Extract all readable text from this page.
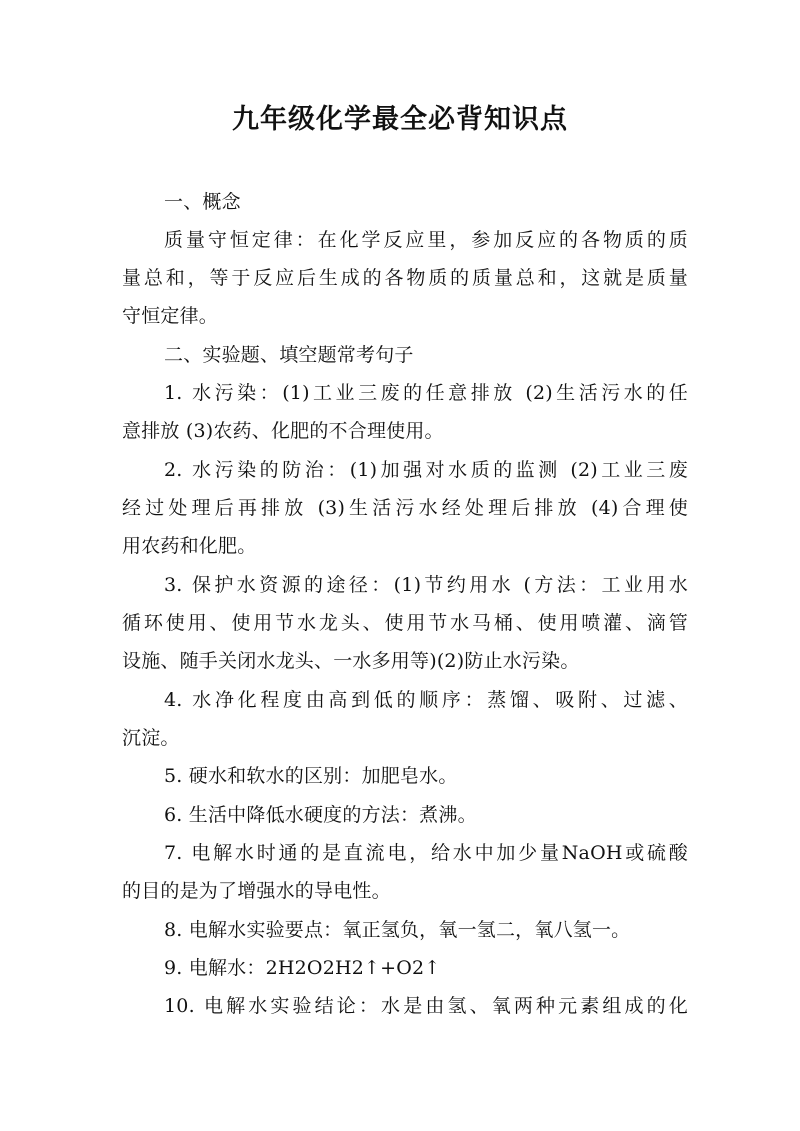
九年级化学最全必背知识点
一、概念
质量守恒定律：在化学反应里，参加反应的各物质的质
量总和，等于反应后生成的各物质的质量总和，这就是质量
守恒定律。
二、实验题、填空题常考句子
1. 水污染：(1)工业三废的任意排放 (2)生活污水的任
意排放 (3)农药、化肥的不合理使用。
2. 水污染的防治：(1)加强对水质的监测 (2)工业三废
经过处理后再排放 (3)生活污水经处理后排放 (4)合理使
用农药和化肥。
3. 保护水资源的途径：(1)节约用水 (方法：工业用水
循环使用、使用节水龙头、使用节水马桶、使用喷灌、滴管
设施、随手关闭水龙头、一水多用等)(2)防止水污染。
4. 水净化程度由高到低的顺序：蒸馏、吸附、过滤、
沉淀。
5. 硬水和软水的区别：加肥皂水。
6. 生活中降低水硬度的方法：煮沸。
7. 电解水时通的是直流电，给水中加少量NaOH或硫酸
的目的是为了增强水的导电性。
8. 电解水实验要点：氧正氢负，氧一氢二，氧八氢一。
9. 电解水：2H2O2H2↑+O2↑
10. 电解水实验结论：水是由氢、氧两种元素组成的化
